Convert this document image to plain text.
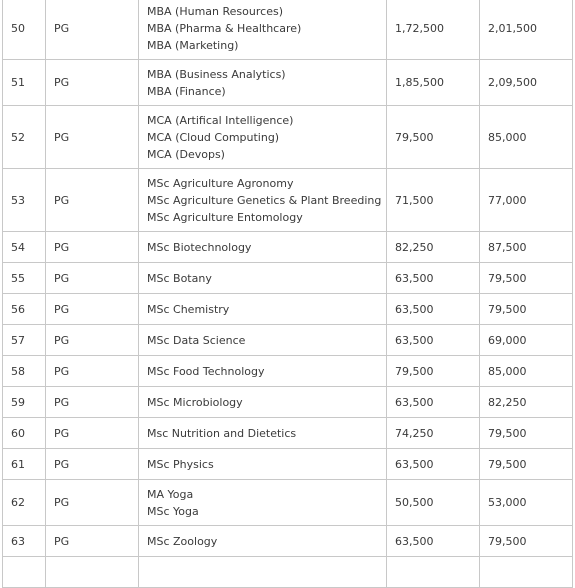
50	PG	MBA (Human Resources)
MBA (Pharma & Healthcare)
MBA (Marketing)	1,72,500	2,01,500
51	PG	MBA (Business Analytics)
MBA (Finance)	1,85,500	2,09,500
52	PG	MCA (Artifical Intelligence)
MCA (Cloud Computing)
MCA (Devops)	79,500	85,000
53	PG	MSc Agriculture Agronomy
MSc Agriculture Genetics & Plant Breeding
MSc Agriculture Entomology	71,500	77,000
54	PG	MSc Biotechnology	82,250	87,500
55	PG	MSc Botany	63,500	79,500
56	PG	MSc Chemistry	63,500	79,500
57	PG	MSc Data Science	63,500	69,000
58	PG	MSc Food Technology	79,500	85,000
59	PG	MSc Microbiology	63,500	82,250
60	PG	Msc Nutrition and Dietetics	74,250	79,500
61	PG	MSc Physics	63,500	79,500
62	PG	MA Yoga
MSc Yoga	50,500	53,000
63	PG	MSc Zoology	63,500	79,500
